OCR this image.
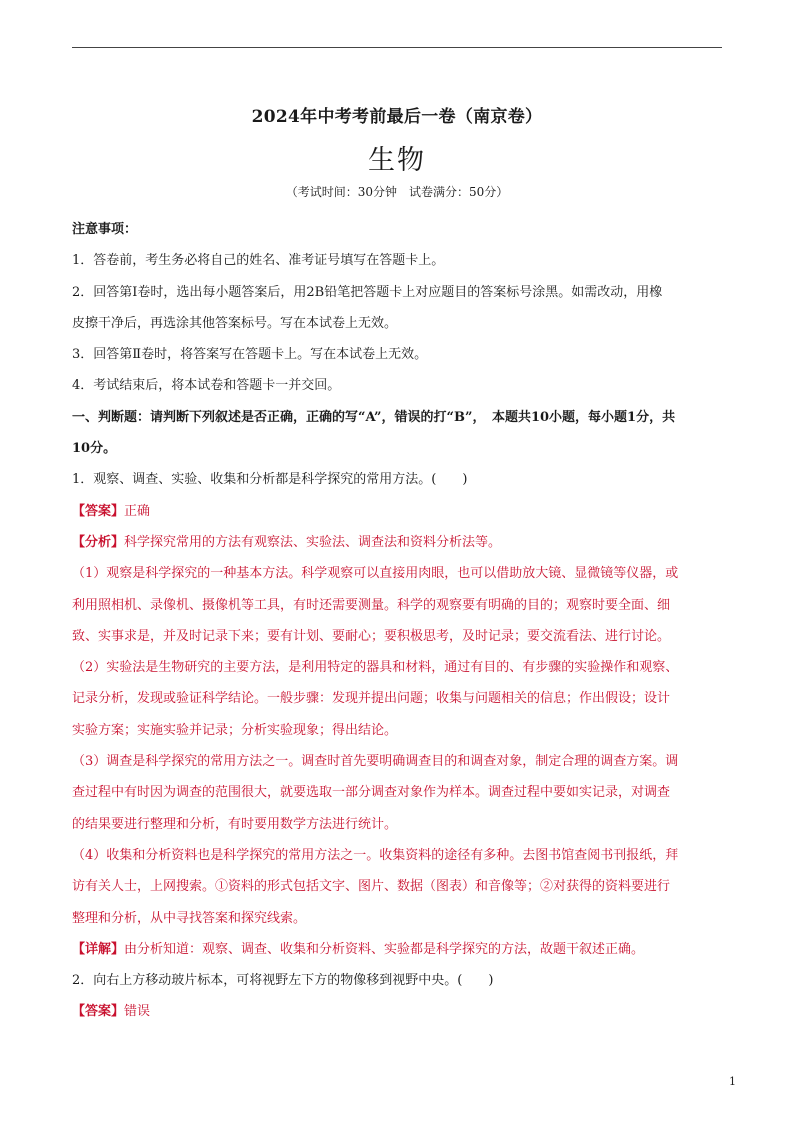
2024年中考考前最后一卷（南京卷）
生物
（考试时间：30分钟　试卷满分：50分）
注意事项：
1．答卷前，考生务必将自己的姓名、准考证号填写在答题卡上。
2．回答第Ⅰ卷时，选出每小题答案后，用2B铅笔把答题卡上对应题目的答案标号涂黑。如需改动，用橡
皮擦干净后，再选涂其他答案标号。写在本试卷上无效。
3．回答第Ⅱ卷时，将答案写在答题卡上。写在本试卷上无效。
4．考试结束后，将本试卷和答题卡一并交回。
一、判断题：请判断下列叙述是否正确，正确的写“A”，错误的打“B”，　本题共10小题，每小题1分，共
10分。
1．观察、调查、实验、收集和分析都是科学探究的常用方法。(　　)
【答案】正确
【分析】科学探究常用的方法有观察法、实验法、调查法和资料分析法等。
（1）观察是科学探究的一种基本方法。科学观察可以直接用肉眼，也可以借助放大镜、显微镜等仪器，或
利用照相机、录像机、摄像机等工具，有时还需要测量。科学的观察要有明确的目的；观察时要全面、细
致、实事求是，并及时记录下来；要有计划、要耐心；要积极思考，及时记录；要交流看法、进行讨论。
（2）实验法是生物研究的主要方法，是利用特定的器具和材料，通过有目的、有步骤的实验操作和观察、
记录分析，发现或验证科学结论。一般步骤：发现并提出问题；收集与问题相关的信息；作出假设；设计
实验方案；实施实验并记录；分析实验现象；得出结论。
（3）调查是科学探究的常用方法之一。调查时首先要明确调查目的和调查对象，制定合理的调查方案。调
查过程中有时因为调查的范围很大，就要选取一部分调查对象作为样本。调查过程中要如实记录，对调查
的结果要进行整理和分析，有时要用数学方法进行统计。
（4）收集和分析资料也是科学探究的常用方法之一。收集资料的途径有多种。去图书馆查阅书刊报纸，拜
访有关人士，上网搜索。①资料的形式包括文字、图片、数据（图表）和音像等；②对获得的资料要进行
整理和分析，从中寻找答案和探究线索。
【详解】由分析知道：观察、调查、收集和分析资料、实验都是科学探究的方法，故题干叙述正确。
2．向右上方移动玻片标本，可将视野左下方的物像移到视野中央。(　　)
【答案】错误
1
